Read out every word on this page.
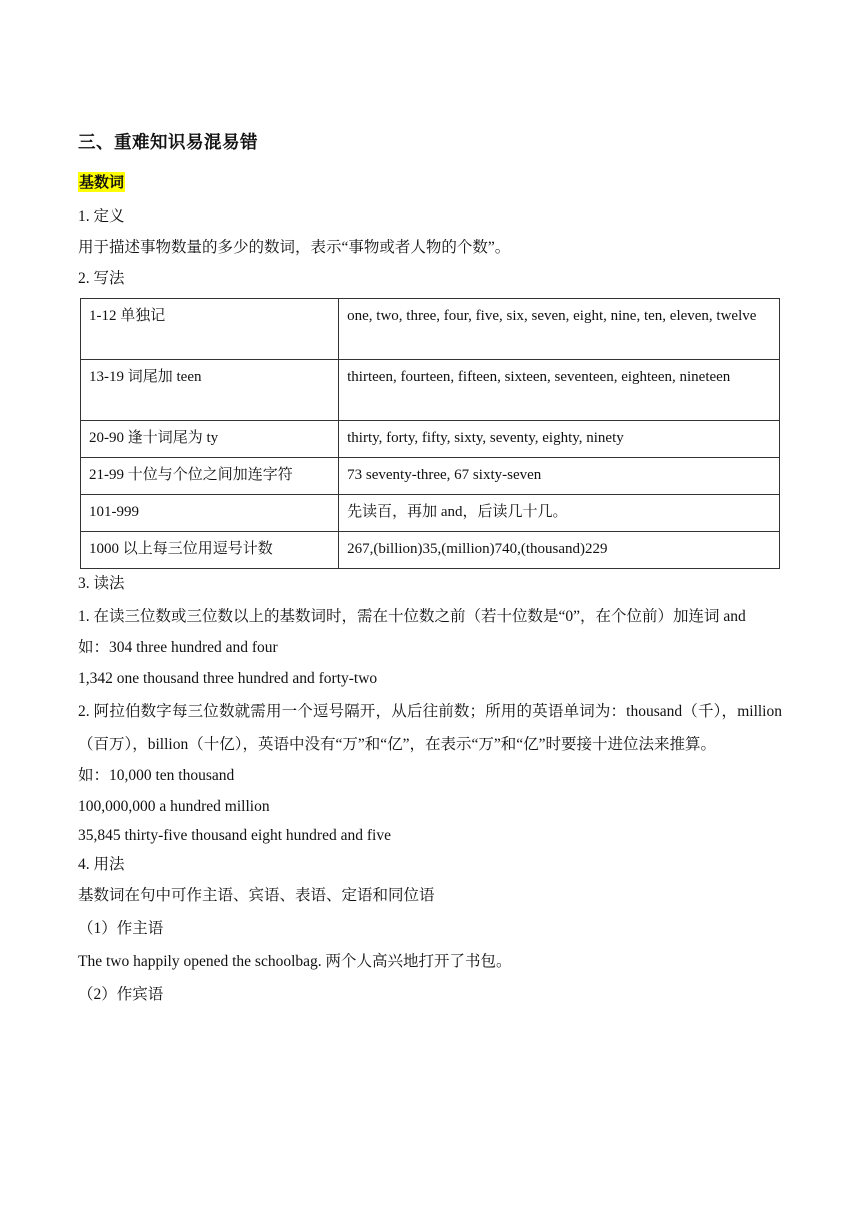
三、重难知识易混易错
基数词
1. 定义
用于描述事物数量的多少的数词，表示“事物或者人物的个数”。
2. 写法
1-12 单独记	one, two, three, four, five, six, seven, eight, nine, ten, eleven, twelve
13-19 词尾加 teen	thirteen, fourteen, fifteen, sixteen, seventeen, eighteen, nineteen
20-90 逢十词尾为 ty	thirty, forty, fifty, sixty, seventy, eighty, ninety
21-99 十位与个位之间加连字符	73 seventy-three, 67 sixty-seven
101-999	先读百，再加 and，后读几十几。
1000 以上每三位用逗号计数	267,(billion)35,(million)740,(thousand)229
3. 读法
1. 在读三位数或三位数以上的基数词时，需在十位数之前（若十位数是“0”，在个位前）加连词 and
如：304 three hundred and four
1,342 one thousand three hundred and forty-two
2. 阿拉伯数字每三位数就需用一个逗号隔开，从后往前数；所用的英语单词为：thousand（千），million（百万），billion（十亿），英语中没有“万”和“亿”，在表示“万”和“亿”时要接十进位法来推算。
如：10,000 ten thousand
100,000,000 a hundred million
35,845 thirty-five thousand eight hundred and five
4. 用法
基数词在句中可作主语、宾语、表语、定语和同位语
（1）作主语
The two happily opened the schoolbag. 两个人高兴地打开了书包。
（2）作宾语
